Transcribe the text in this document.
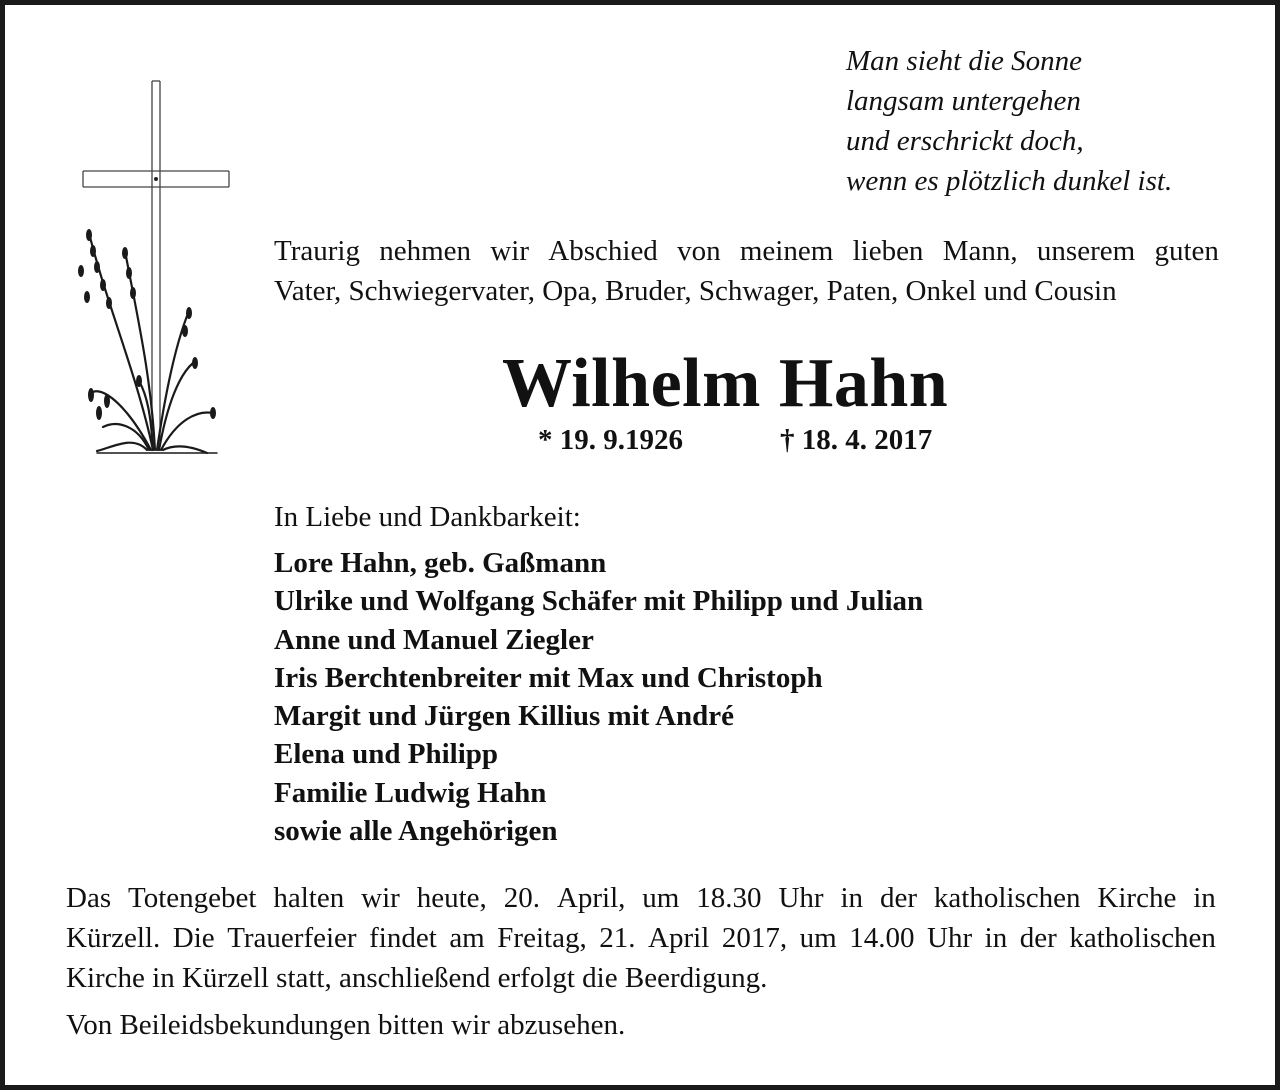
Man sieht die Sonne
langsam untergehen
und erschrickt doch,
wenn es plötzlich dunkel ist.
Traurig nehmen wir Abschied von meinem lieben Mann, unserem guten
Vater, Schwiegervater, Opa, Bruder, Schwager, Paten, Onkel und Cousin
Wilhelm Hahn
* 19. 9.1926	† 18. 4. 2017
In Liebe und Dankbarkeit:
Lore Hahn, geb. Gaßmann
Ulrike und Wolfgang Schäfer mit Philipp und Julian
Anne und Manuel Ziegler
Iris Berchtenbreiter mit Max und Christoph
Margit und Jürgen Killius mit André
Elena und Philipp
Familie Ludwig Hahn
sowie alle Angehörigen
Das Totengebet halten wir heute, 20. April, um 18.30 Uhr in der katholischen Kirche in
Kürzell. Die Trauerfeier findet am Freitag, 21. April 2017, um 14.00 Uhr in der katholischen
Kirche in Kürzell statt, anschließend erfolgt die Beerdigung.
Von Beileidsbekundungen bitten wir abzusehen.
